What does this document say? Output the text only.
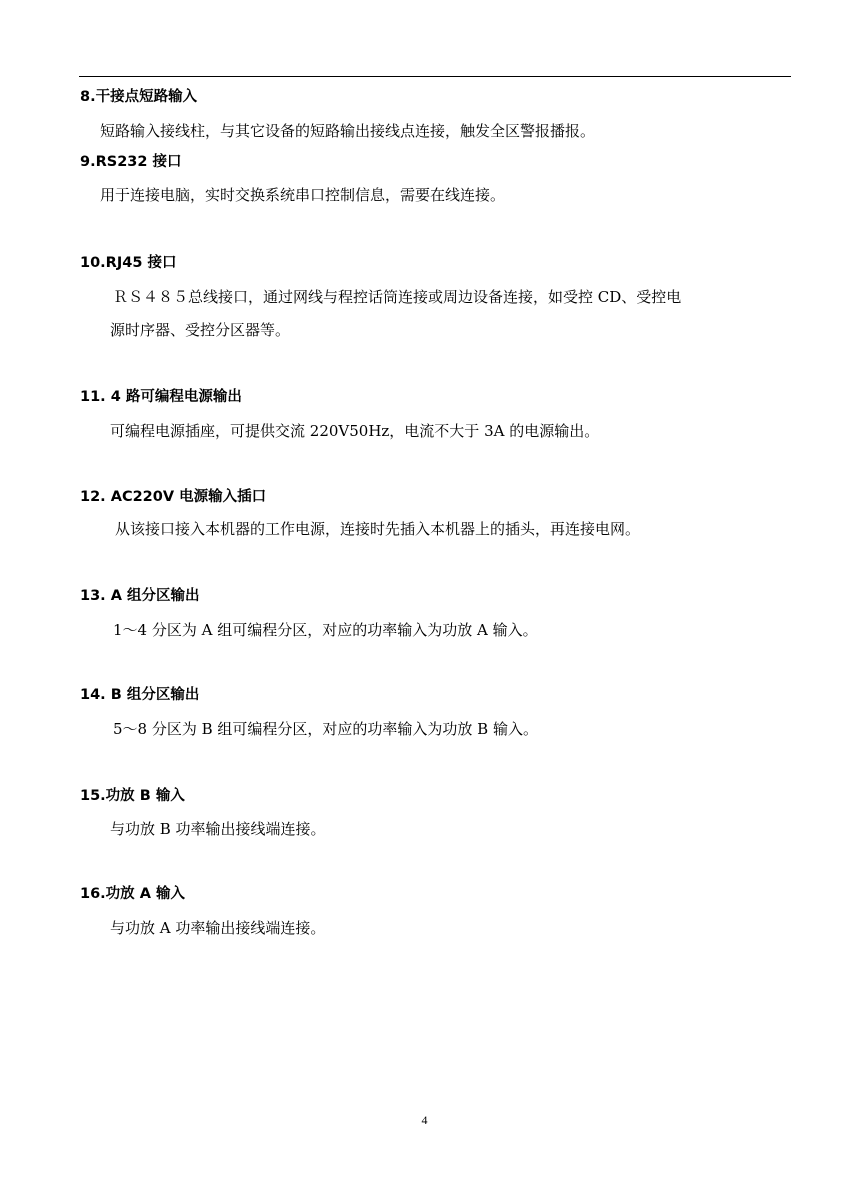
8.干接点短路输入
短路输入接线柱，与其它设备的短路输出接线点连接，触发全区警报播报。
9.RS232 接口
用于连接电脑，实时交换系统串口控制信息，需要在线连接。
10.RJ45 接口
ＲＳ４８５总线接口，通过网线与程控话筒连接或周边设备连接，如受控 CD、受控电
源时序器、受控分区器等。
11. 4 路可编程电源输出
可编程电源插座，可提供交流 220V50Hz，电流不大于 3A 的电源输出。
12. AC220V 电源输入插口
从该接口接入本机器的工作电源，连接时先插入本机器上的插头，再连接电网。
13. A 组分区输出
1～4 分区为 A 组可编程分区，对应的功率输入为功放 A 输入。
14. B 组分区输出
5～8 分区为 B 组可编程分区，对应的功率输入为功放 B 输入。
15.功放 B 输入
与功放 B 功率输出接线端连接。
16.功放 A 输入
与功放 A 功率输出接线端连接。
4
